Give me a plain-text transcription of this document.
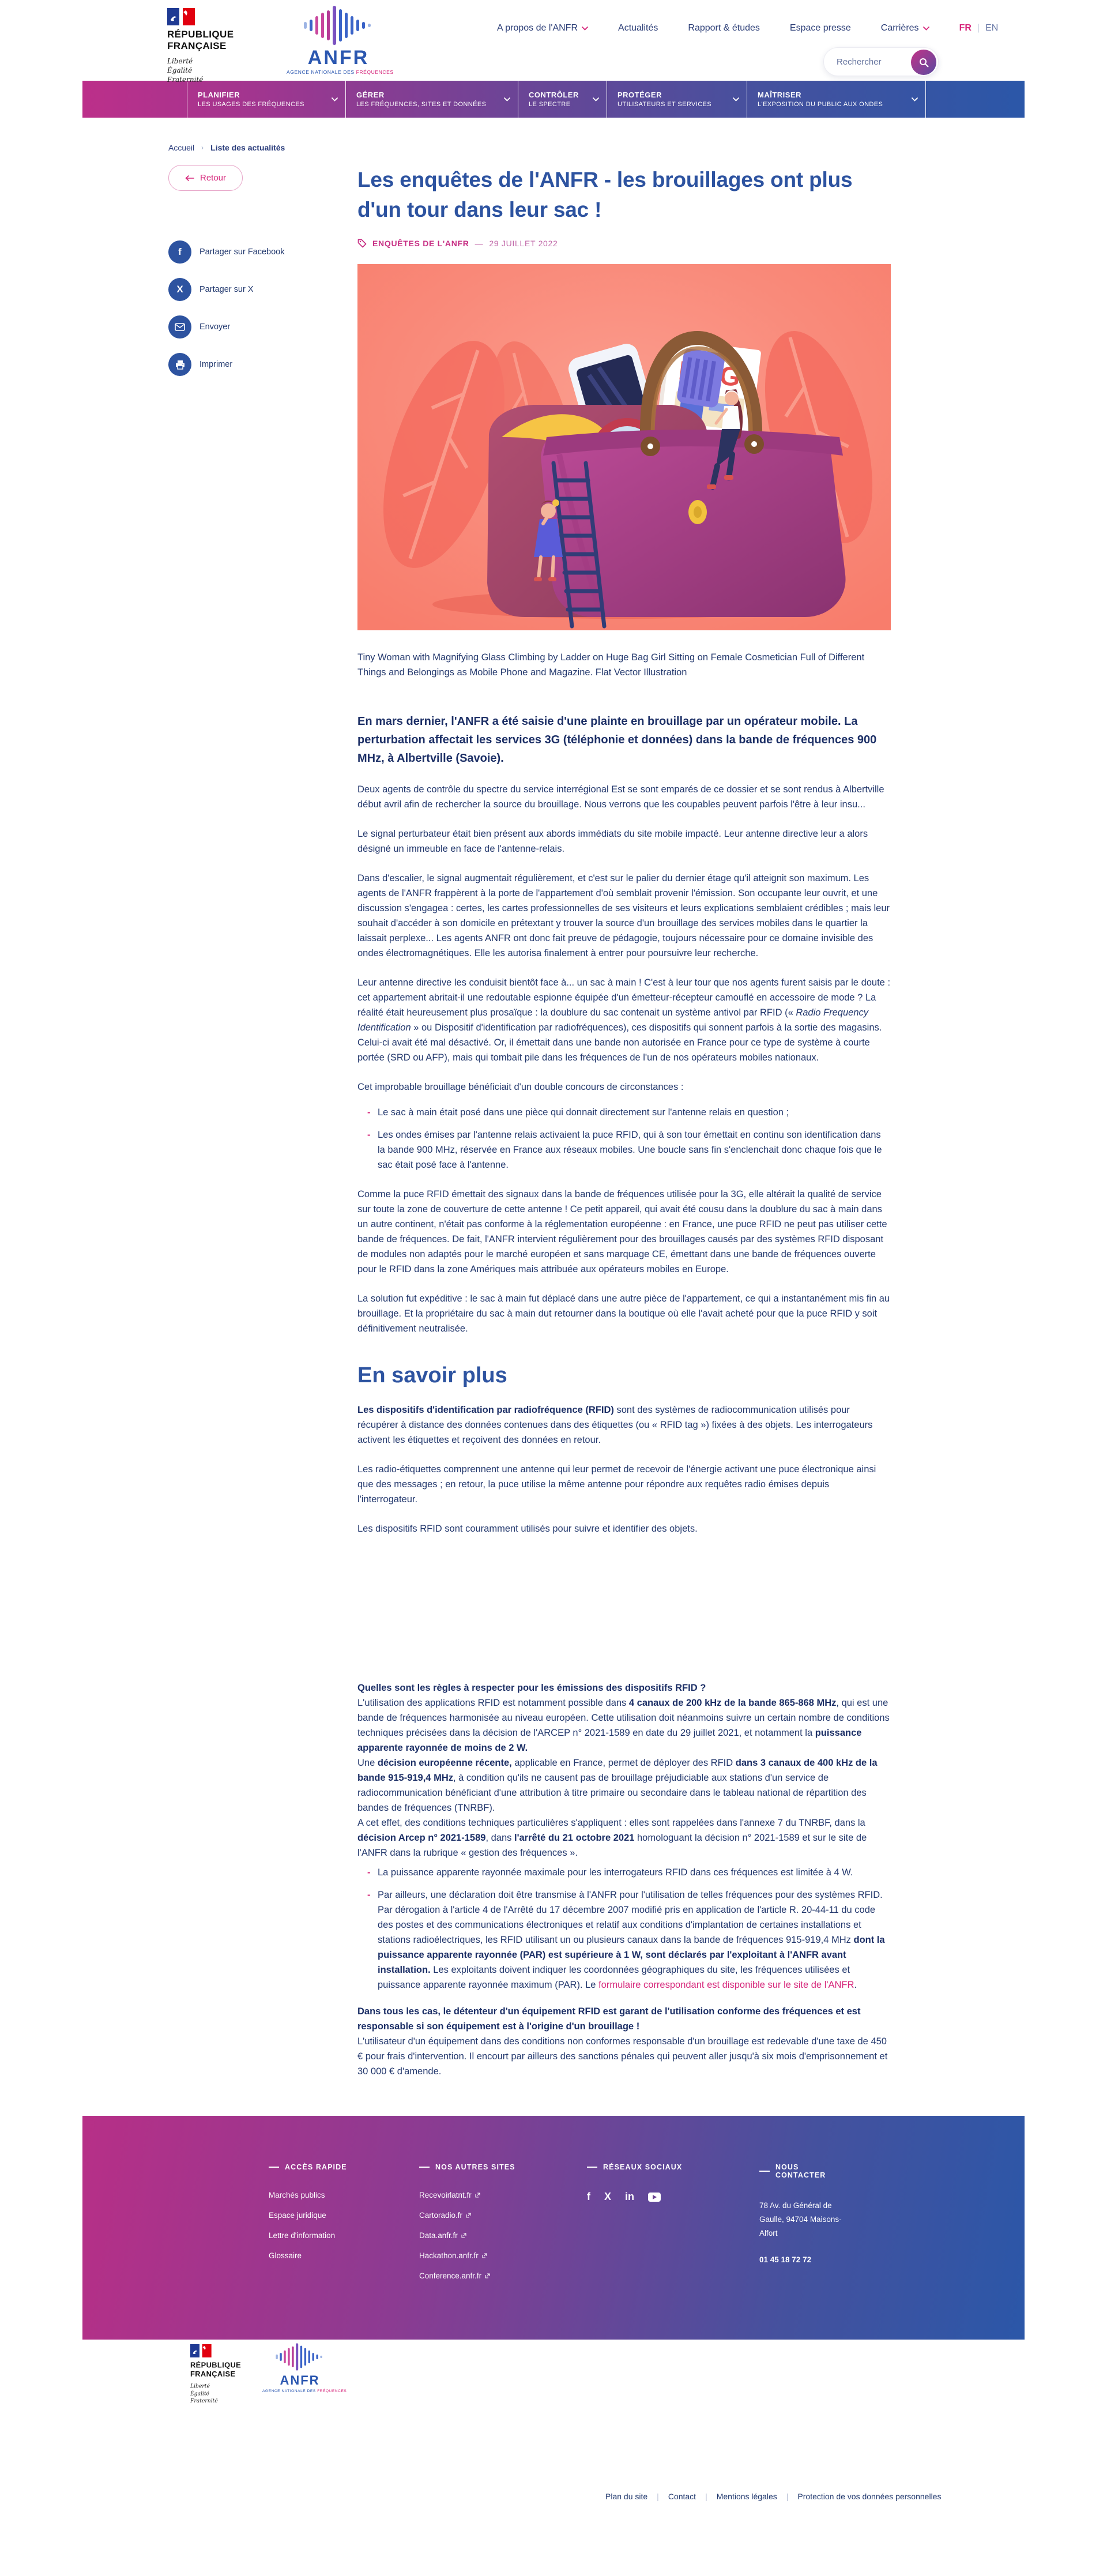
RÉPUBLIQUE
FRANÇAISE
Liberté
Égalité
Fraternité
ANFR
AGENCE NATIONALE DES FRÉQUENCES
A propos de l'ANFR	Actualités	Rapport & études	Espace presse	Carrières	FR | EN
Rechercher
PLANIFIER
LES USAGES DES FRÉQUENCES
GÉRER
LES FRÉQUENCES, SITES ET DONNÉES
CONTRÔLER
LE SPECTRE
PROTÉGER
UTILISATEURS ET SERVICES
MAÎTRISER
L'EXPOSITION DU PUBLIC AUX ONDES
Accueil › Liste des actualités
Retour
f	Partager sur Facebook
X	Partager sur X
Envoyer
Imprimer
Les enquêtes de l'ANFR - les brouillages ont plus d'un tour dans leur sac !
ENQUÊTES DE L'ANFR — 29 JUILLET 2022

Tiny Woman with Magnifying Glass Climbing by Ladder on Huge Bag Girl Sitting on Female Cosmetician Full of Different Things and Belongings as Mobile Phone and Magazine. Flat Vector Illustration

En mars dernier, l'ANFR a été saisie d'une plainte en brouillage par un opérateur mobile. La perturbation affectait les services 3G (téléphonie et données) dans la bande de fréquences 900 MHz, à Albertville (Savoie).

Deux agents de contrôle du spectre du service interrégional Est se sont emparés de ce dossier et se sont rendus à Albertville début avril afin de rechercher la source du brouillage. Nous verrons que les coupables peuvent parfois l'être à leur insu...

Le signal perturbateur était bien présent aux abords immédiats du site mobile impacté. Leur antenne directive leur a alors désigné un immeuble en face de l'antenne-relais.

Dans d'escalier, le signal augmentait régulièrement, et c'est sur le palier du dernier étage qu'il atteignit son maximum. Les agents de l'ANFR frappèrent à la porte de l'appartement d'où semblait provenir l'émission. Son occupante leur ouvrit, et une discussion s'engagea : certes, les cartes professionnelles de ses visiteurs et leurs explications semblaient crédibles ; mais leur souhait d'accéder à son domicile en prétextant y trouver la source d'un brouillage des services mobiles dans le quartier la laissait perplexe... Les agents ANFR ont donc fait preuve de pédagogie, toujours nécessaire pour ce domaine invisible des ondes électromagnétiques. Elle les autorisa finalement à entrer pour poursuivre leur recherche.

Leur antenne directive les conduisit bientôt face à... un sac à main ! C'est à leur tour que nos agents furent saisis par le doute : cet appartement abritait-il une redoutable espionne équipée d'un émetteur-récepteur camouflé en accessoire de mode ? La réalité était heureusement plus prosaïque : la doublure du sac contenait un système antivol par RFID (« Radio Frequency Identification » ou Dispositif d'identification par radiofréquences), ces dispositifs qui sonnent parfois à la sortie des magasins. Celui-ci avait été mal désactivé. Or, il émettait dans une bande non autorisée en France pour ce type de système à courte portée (SRD ou AFP), mais qui tombait pile dans les fréquences de l'un de nos opérateurs mobiles nationaux.

Cet improbable brouillage bénéficiait d'un double concours de circonstances :

- Le sac à main était posé dans une pièce qui donnait directement sur l'antenne relais en question ;
- Les ondes émises par l'antenne relais activaient la puce RFID, qui à son tour émettait en continu son identification dans la bande 900 MHz, réservée en France aux réseaux mobiles. Une boucle sans fin s'enclenchait donc chaque fois que le sac était posé face à l'antenne.

Comme la puce RFID émettait des signaux dans la bande de fréquences utilisée pour la 3G, elle altérait la qualité de service sur toute la zone de couverture de cette antenne ! Ce petit appareil, qui avait été cousu dans la doublure du sac à main dans un autre continent, n'était pas conforme à la réglementation européenne : en France, une puce RFID ne peut pas utiliser cette bande de fréquences. De fait, l'ANFR intervient régulièrement pour des brouillages causés par des systèmes RFID disposant de modules non adaptés pour le marché européen et sans marquage CE, émettant dans une bande de fréquences ouverte pour le RFID dans la zone Amériques mais attribuée aux opérateurs mobiles en Europe.

La solution fut expéditive : le sac à main fut déplacé dans une autre pièce de l'appartement, ce qui a instantanément mis fin au brouillage. Et la propriétaire du sac à main dut retourner dans la boutique où elle l'avait acheté pour que la puce RFID y soit définitivement neutralisée.

En savoir plus

Les dispositifs d'identification par radiofréquence (RFID) sont des systèmes de radiocommunication utilisés pour récupérer à distance des données contenues dans des étiquettes (ou « RFID tag ») fixées à des objets. Les interrogateurs activent les étiquettes et reçoivent des données en retour.

Les radio-étiquettes comprennent une antenne qui leur permet de recevoir de l'énergie activant une puce électronique ainsi que des messages ; en retour, la puce utilise la même antenne pour répondre aux requêtes radio émises depuis l'interrogateur.

Les dispositifs RFID sont couramment utilisés pour suivre et identifier des objets.

Quelles sont les règles à respecter pour les émissions des dispositifs RFID ?

L'utilisation des applications RFID est notamment possible dans 4 canaux de 200 kHz de la bande 865-868 MHz, qui est une bande de fréquences harmonisée au niveau européen. Cette utilisation doit néanmoins suivre un certain nombre de conditions techniques précisées dans la décision de l'ARCEP n° 2021-1589 en date du 29 juillet 2021, et notamment la puissance apparente rayonnée de moins de 2 W.

Une décision européenne récente, applicable en France, permet de déployer des RFID dans 3 canaux de 400 kHz de la bande 915-919,4 MHz, à condition qu'ils ne causent pas de brouillage préjudiciable aux stations d'un service de radiocommunication bénéficiant d'une attribution à titre primaire ou secondaire dans le tableau national de répartition des bandes de fréquences (TNRBF).

A cet effet, des conditions techniques particulières s'appliquent : elles sont rappelées dans l'annexe 7 du TNRBF, dans la décision Arcep n° 2021-1589, dans l'arrêté du 21 octobre 2021 homologuant la décision n° 2021-1589 et sur le site de l'ANFR dans la rubrique « gestion des fréquences ».

- La puissance apparente rayonnée maximale pour les interrogateurs RFID dans ces fréquences est limitée à 4 W.
- Par ailleurs, une déclaration doit être transmise à l'ANFR pour l'utilisation de telles fréquences pour des systèmes RFID. Par dérogation à l'article 4 de l'Arrêté du 17 décembre 2007 modifié pris en application de l'article R. 20-44-11 du code des postes et des communications électroniques et relatif aux conditions d'implantation de certaines installations et stations radioélectriques, les RFID utilisant un ou plusieurs canaux dans la bande de fréquences 915-919,4 MHz dont la puissance apparente rayonnée (PAR) est supérieure à 1 W, sont déclarés par l'exploitant à l'ANFR avant installation. Les exploitants doivent indiquer les coordonnées géographiques du site, les fréquences utilisées et puissance apparente rayonnée maximum (PAR). Le formulaire correspondant est disponible sur le site de l'ANFR.

Dans tous les cas, le détenteur d'un équipement RFID est garant de l'utilisation conforme des fréquences et est responsable si son équipement est à l'origine d'un brouillage !

L'utilisateur d'un équipement dans des conditions non conformes responsable d'un brouillage est redevable d'une taxe de 450 € pour frais d'intervention. Il encourt par ailleurs des sanctions pénales qui peuvent aller jusqu'à six mois d'emprisonnement et 30 000 € d'amende.

ACCÈS RAPIDE
Marchés publics
Espace juridique
Lettre d'information
Glossaire
NOS AUTRES SITES
Recevoirlatnt.fr
Cartoradio.fr
Data.anfr.fr
Hackathon.anfr.fr
Conference.anfr.fr
RÉSEAUX SOCIAUX
f X in
NOUS CONTACTER
78 Av. du Général de Gaulle, 94704 Maisons-Alfort
01 45 18 72 72
RÉPUBLIQUE
FRANÇAISE
Liberté
Égalité
Fraternité
ANFR
AGENCE NATIONALE DES FRÉQUENCES
Plan du site | Contact | Mentions légales | Protection de vos données personnelles
